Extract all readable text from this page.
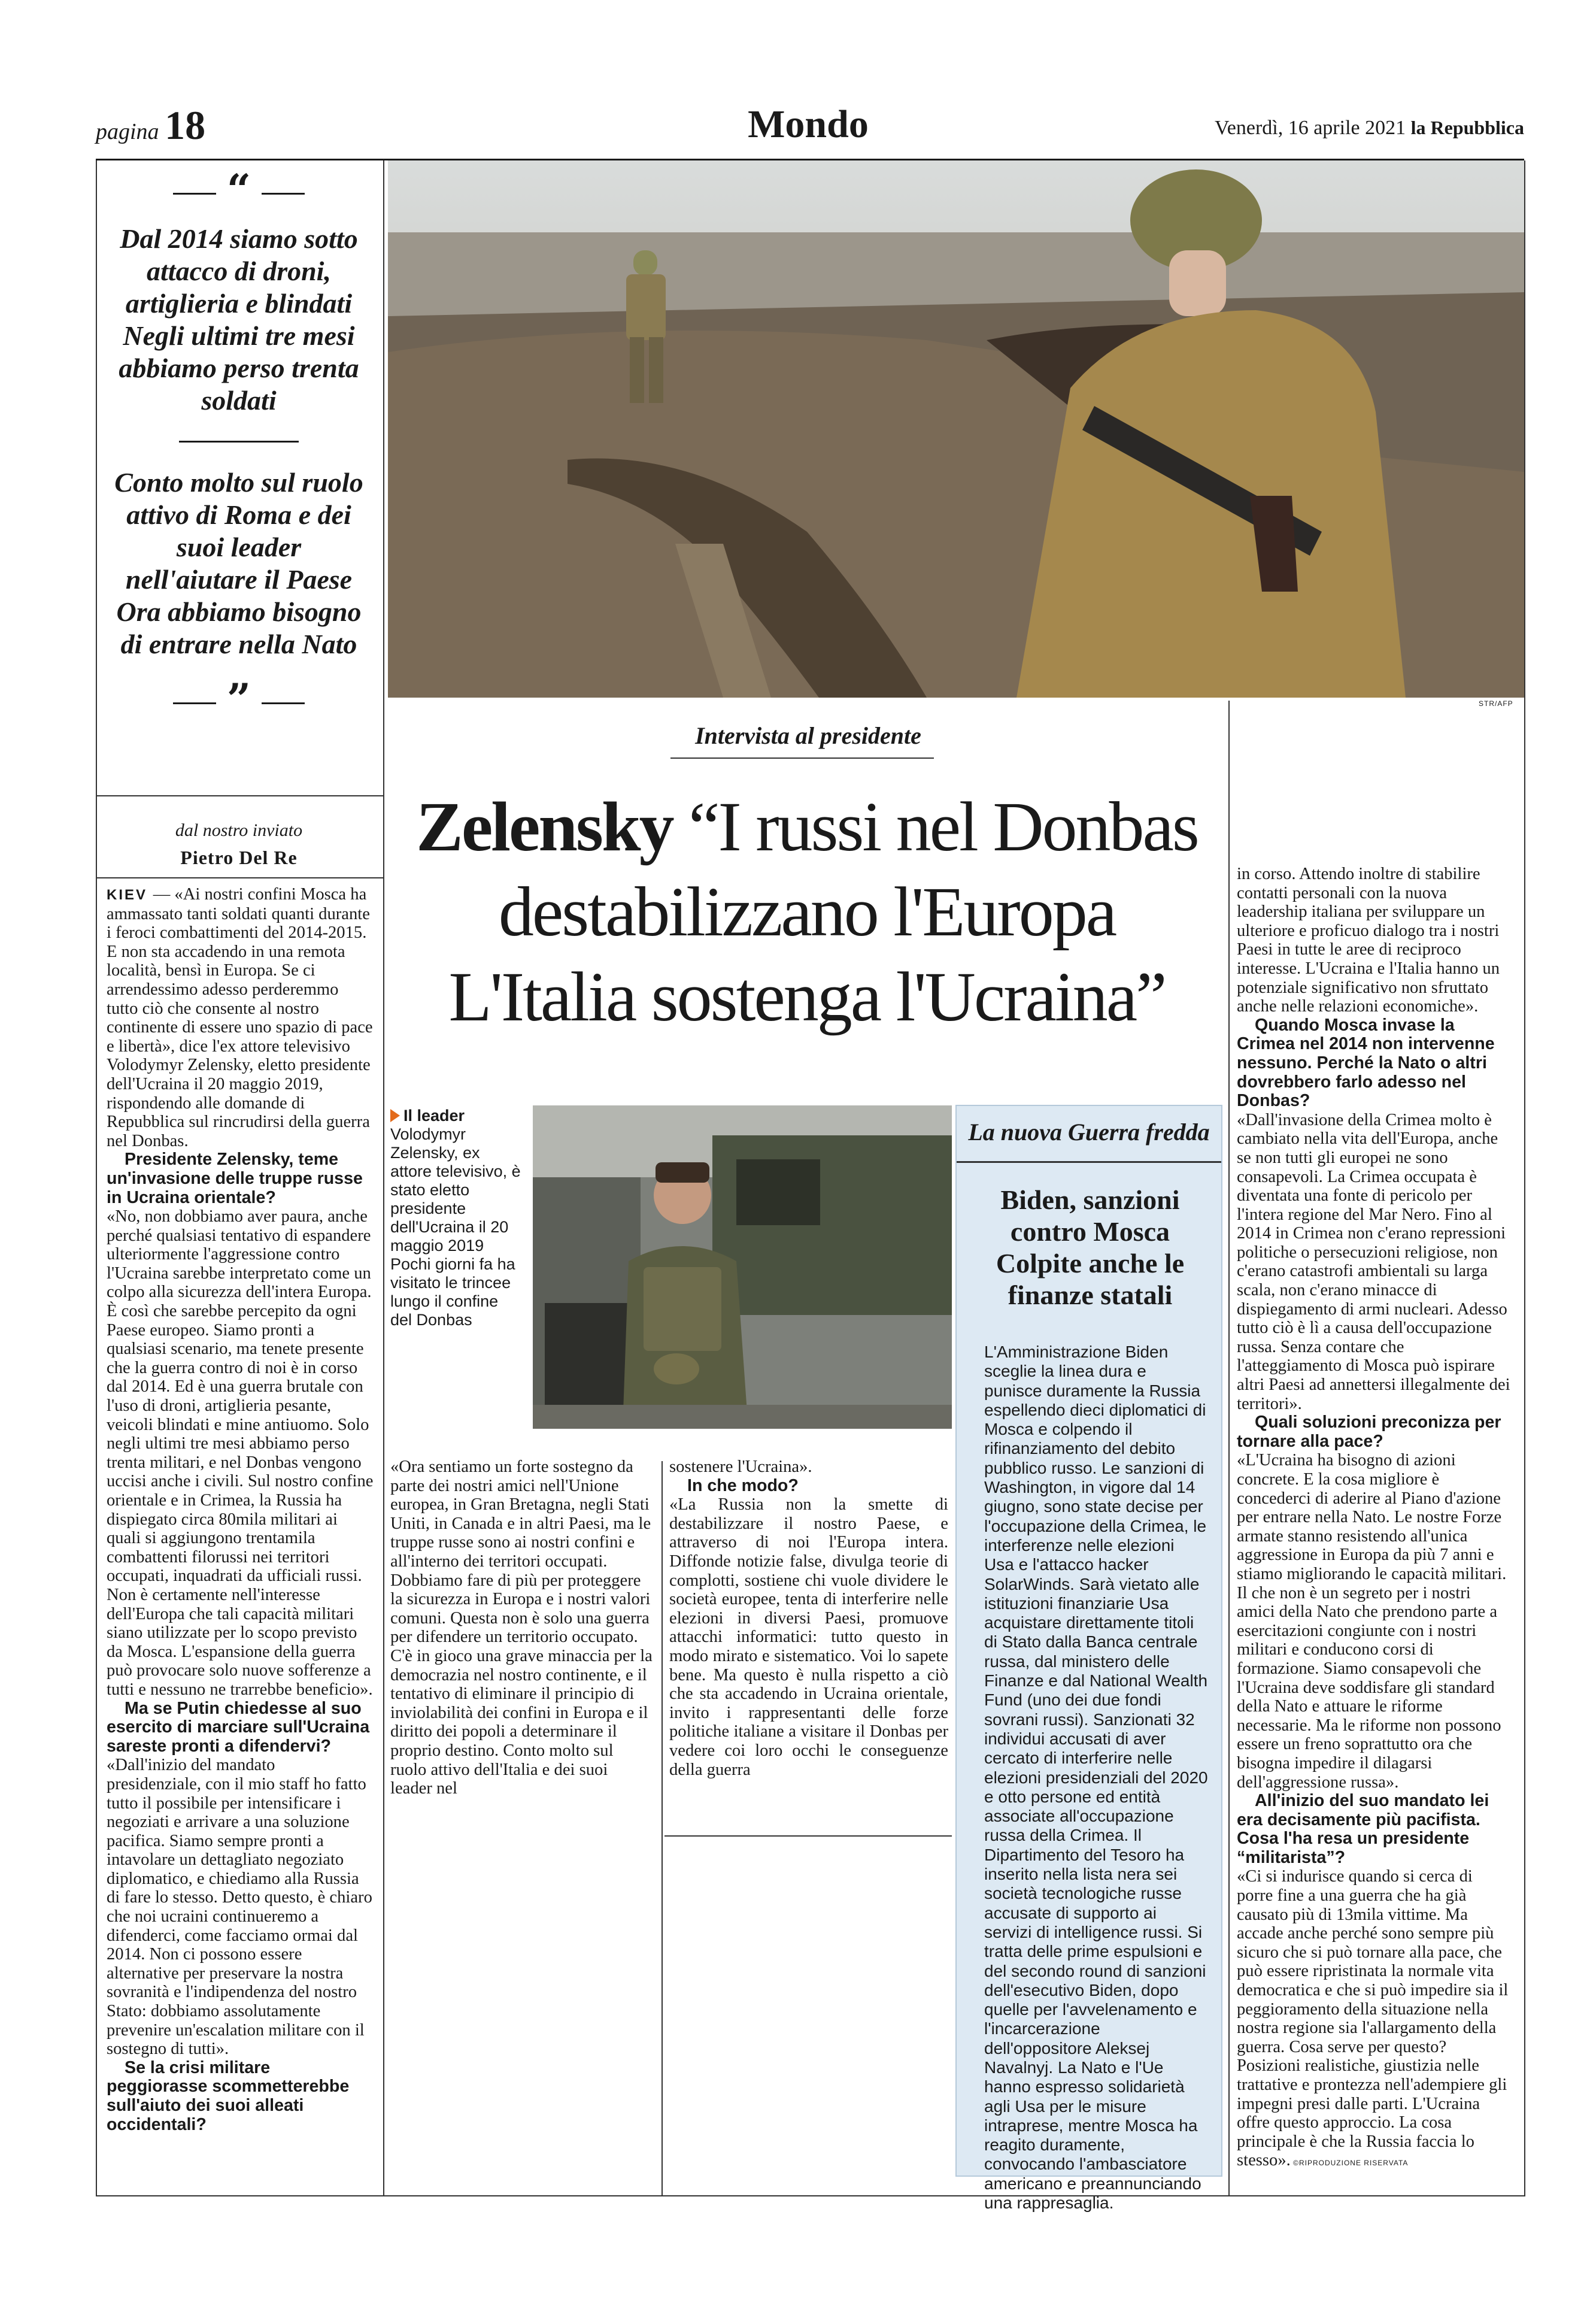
pagina 18	Mondo	Venerdì, 16 aprile 2021 la Repubblica
“
Dal 2014 siamo sotto attacco di droni, artiglieria e blindati Negli ultimi tre mesi abbiamo perso trenta soldati
Conto molto sul ruolo attivo di Roma e dei suoi leader nell'aiutare il Paese Ora abbiamo bisogno di entrare nella Nato
”
dal nostro inviato
Pietro Del Re

KIEV — «Ai nostri confini Mosca ha ammassato tanti soldati quanti durante i feroci combattimenti del 2014-2015. E non sta accadendo in una remota località, bensì in Europa. Se ci arrendessimo adesso perderemmo tutto ciò che consente al nostro continente di essere uno spazio di pace e libertà», dice l'ex attore televisivo Volodymyr Zelensky, eletto presidente dell'Ucraina il 20 maggio 2019, rispondendo alle domande di Repubblica sul rincrudirsi della guerra nel Donbas.

Presidente Zelensky, teme un'invasione delle truppe russe in Ucraina orientale?

«No, non dobbiamo aver paura, anche perché qualsiasi tentativo di espandere ulteriormente l'aggressione contro l'Ucraina sarebbe interpretato come un colpo alla sicurezza dell'intera Europa. È così che sarebbe percepito da ogni Paese europeo. Siamo pronti a qualsiasi scenario, ma tenete presente che la guerra contro di noi è in corso dal 2014. Ed è una guerra brutale con l'uso di droni, artiglieria pesante, veicoli blindati e mine antiuomo. Solo negli ultimi tre mesi abbiamo perso trenta militari, e nel Donbas vengono uccisi anche i civili. Sul nostro confine orientale e in Crimea, la Russia ha dispiegato circa 80mila militari ai quali si aggiungono trentamila combattenti filorussi nei territori occupati, inquadrati da ufficiali russi. Non è certamente nell'interesse dell'Europa che tali capacità militari siano utilizzate per lo scopo previsto da Mosca. L'espansione della guerra può provocare solo nuove sofferenze a tutti e nessuno ne trarrebbe beneficio».

Ma se Putin chiedesse al suo esercito di marciare sull'Ucraina sareste pronti a difendervi?

«Dall'inizio del mandato presidenziale, con il mio staff ho fatto tutto il possibile per intensificare i negoziati e arrivare a una soluzione pacifica. Siamo sempre pronti a intavolare un dettagliato negoziato diplomatico, e chiediamo alla Russia di fare lo stesso. Detto questo, è chiaro che noi ucraini continueremo a difenderci, come facciamo ormai dal 2014. Non ci possono essere alternative per preservare la nostra sovranità e l'indipendenza del nostro Stato: dobbiamo assolutamente prevenire un'escalation militare con il sostegno di tutti».

Se la crisi militare peggiorasse scommetterebbe sull'aiuto dei suoi alleati occidentali?

STR/AFP
Intervista al presidente
Zelensky “I russi nel Donbas
destabilizzano l'Europa
L'Italia sostenga l'Ucraina”
Il leader
Volodymyr Zelensky, ex attore televisivo, è stato eletto presidente dell'Ucraina il 20 maggio 2019 Pochi giorni fa ha visitato le trincee lungo il confine del Donbas
La nuova Guerra fredda
Biden, sanzioni contro Mosca Colpite anche le finanze statali
L'Amministrazione Biden sceglie la linea dura e punisce duramente la Russia espellendo dieci diplomatici di Mosca e colpendo il rifinanziamento del debito pubblico russo. Le sanzioni di Washington, in vigore dal 14 giugno, sono state decise per l'occupazione della Crimea, le interferenze nelle elezioni Usa e l'attacco hacker SolarWinds. Sarà vietato alle istituzioni finanziarie Usa acquistare direttamente titoli di Stato dalla Banca centrale russa, dal ministero delle Finanze e dal National Wealth Fund (uno dei due fondi sovrani russi). Sanzionati 32 individui accusati di aver cercato di interferire nelle elezioni presidenziali del 2020 e otto persone ed entità associate all'occupazione russa della Crimea. Il Dipartimento del Tesoro ha inserito nella lista nera sei società tecnologiche russe accusate di supporto ai servizi di intelligence russi. Si tratta delle prime espulsioni e del secondo round di sanzioni dell'esecutivo Biden, dopo quelle per l'avvelenamento e l'incarcerazione dell'oppositore Aleksej Navalnyj. La Nato e l'Ue hanno espresso solidarietà agli Usa per le misure intraprese, mentre Mosca ha reagito duramente, convocando l'ambasciatore americano e preannunciando una rappresaglia.

«Ora sentiamo un forte sostegno da parte dei nostri amici nell'Unione europea, in Gran Bretagna, negli Stati Uniti, in Canada e in altri Paesi, ma le truppe russe sono ai nostri confini e all'interno dei territori occupati. Dobbiamo fare di più per proteggere la sicurezza in Europa e i nostri valori comuni. Questa non è solo una guerra per difendere un territorio occupato. C'è in gioco una grave minaccia per la democrazia nel nostro continente, e il tentativo di eliminare il principio di inviolabilità dei confini in Europa e il diritto dei popoli a determinare il proprio destino. Conto molto sul ruolo attivo dell'Italia e dei suoi leader nel

sostenere l'Ucraina».

In che modo?

«La Russia non la smette di destabilizzare il nostro Paese, e attraverso di noi l'Europa intera. Diffonde notizie false, divulga teorie di complotti, sostiene chi vuole dividere le società europee, tenta di interferire nelle elezioni in diversi Paesi, promuove attacchi informatici: tutto questo in modo mirato e sistematico. Voi lo sapete bene. Ma questo è nulla rispetto a ciò che sta accadendo in Ucraina orientale, invito i rappresentanti delle forze politiche italiane a visitare il Donbas per vedere coi loro occhi le conseguenze della guerra

in corso. Attendo inoltre di stabilire contatti personali con la nuova leadership italiana per sviluppare un ulteriore e proficuo dialogo tra i nostri Paesi in tutte le aree di reciproco interesse. L'Ucraina e l'Italia hanno un potenziale significativo non sfruttato anche nelle relazioni economiche».

Quando Mosca invase la Crimea nel 2014 non intervenne nessuno. Perché la Nato o altri dovrebbero farlo adesso nel Donbas?

«Dall'invasione della Crimea molto è cambiato nella vita dell'Europa, anche se non tutti gli europei ne sono consapevoli. La Crimea occupata è diventata una fonte di pericolo per l'intera regione del Mar Nero. Fino al 2014 in Crimea non c'erano repressioni politiche o persecuzioni religiose, non c'erano catastrofi ambientali su larga scala, non c'erano minacce di dispiegamento di armi nucleari. Adesso tutto ciò è lì a causa dell'occupazione russa. Senza contare che l'atteggiamento di Mosca può ispirare altri Paesi ad annettersi illegalmente dei territori».

Quali soluzioni preconizza per tornare alla pace?

«L'Ucraina ha bisogno di azioni concrete. E la cosa migliore è concederci di aderire al Piano d'azione per entrare nella Nato. Le nostre Forze armate stanno resistendo all'unica aggressione in Europa da più 7 anni e stiamo migliorando le capacità militari. Il che non è un segreto per i nostri amici della Nato che prendono parte a esercitazioni congiunte con i nostri militari e conducono corsi di formazione. Siamo consapevoli che l'Ucraina deve soddisfare gli standard della Nato e attuare le riforme necessarie. Ma le riforme non possono essere un freno soprattutto ora che bisogna impedire il dilagarsi dell'aggressione russa».

All'inizio del suo mandato lei era decisamente più pacifista. Cosa l'ha resa un presidente “militarista”?

«Ci si indurisce quando si cerca di porre fine a una guerra che ha già causato più di 13mila vittime. Ma accade anche perché sono sempre più sicuro che si può tornare alla pace, che può essere ripristinata la normale vita democratica e che si può impedire sia il peggioramento della situazione nella nostra regione sia l'allargamento della guerra. Cosa serve per questo? Posizioni realistiche, giustizia nelle trattative e prontezza nell'adempiere gli impegni presi dalle parti. L'Ucraina offre questo approccio. La cosa principale è che la Russia faccia lo stesso». ©RIPRODUZIONE RISERVATA
